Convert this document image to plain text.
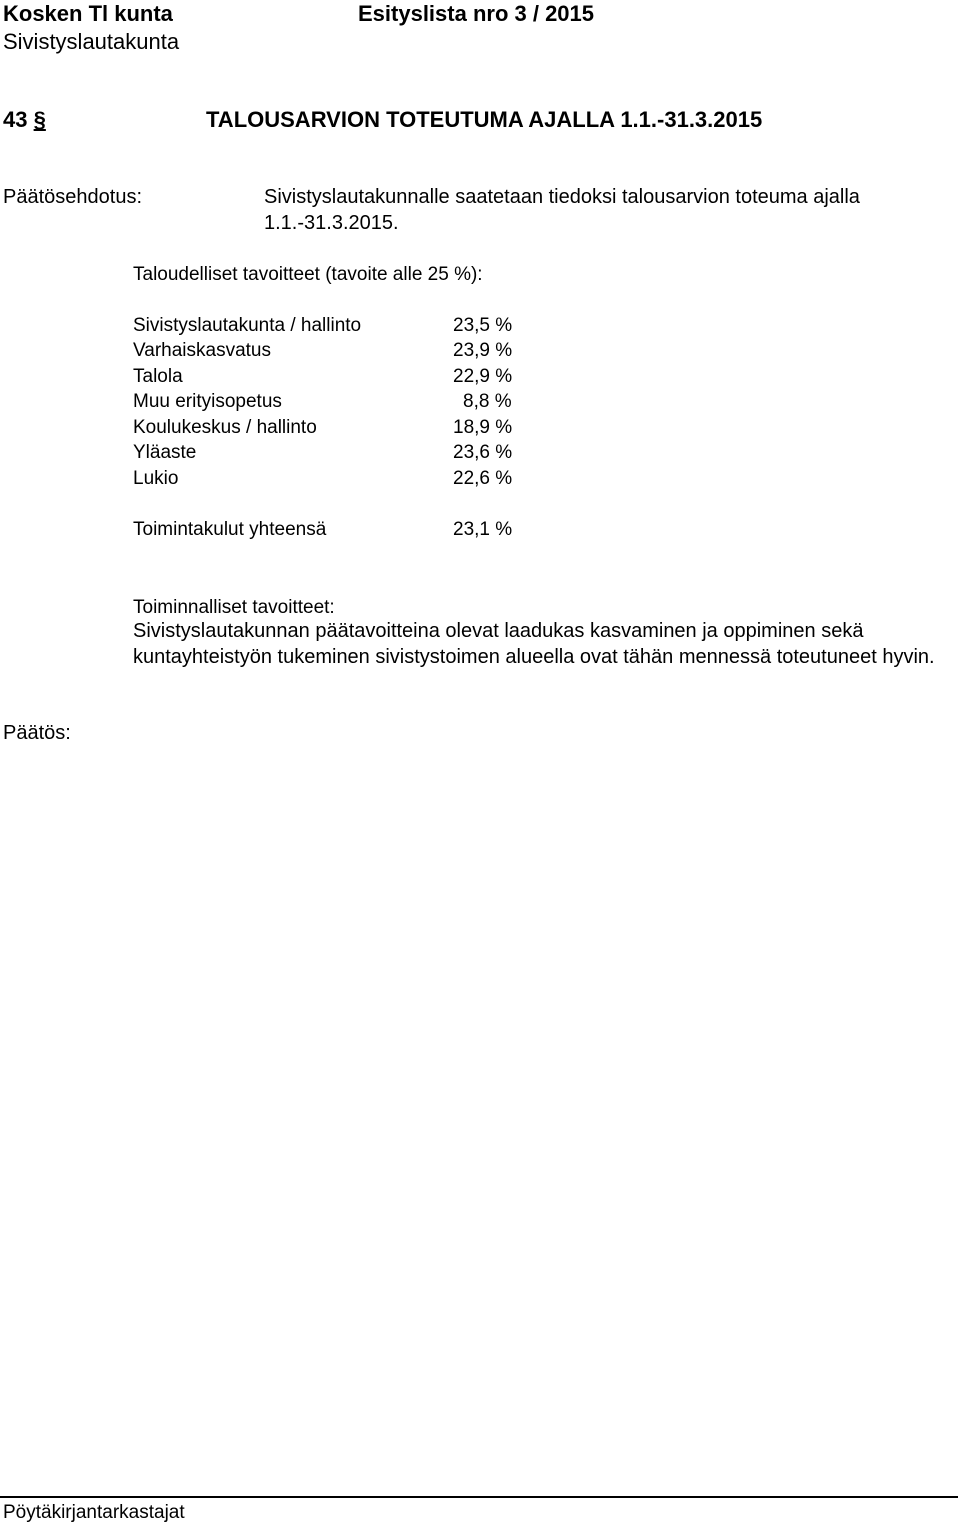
Kosken Tl kunta	Esityslista nro 3 / 2015
Sivistyslautakunta
43 §	TALOUSARVION TOTEUTUMA AJALLA 1.1.-31.3.2015
Päätösehdotus:	Sivistyslautakunnalle saatetaan tiedoksi talousarvion toteuma ajalla
1.1.-31.3.2015.
Taloudelliset tavoitteet (tavoite alle 25 %):
Sivistyslautakunta / hallinto	23,5 %
Varhaiskasvatus	23,9 %
Talola	22,9 %
Muu erityisopetus	8,8 %
Koulukeskus / hallinto	18,9 %
Yläaste	23,6 %
Lukio	22,6 %
Toimintakulut yhteensä	23,1 %
Toiminnalliset tavoitteet:
Sivistyslautakunnan päätavoitteina olevat laadukas kasvaminen ja oppiminen sekä kuntayhteistyön tukeminen sivistystoimen alueella ovat tähän mennessä toteutuneet hyvin.
Päätös:
Pöytäkirjantarkastajat
